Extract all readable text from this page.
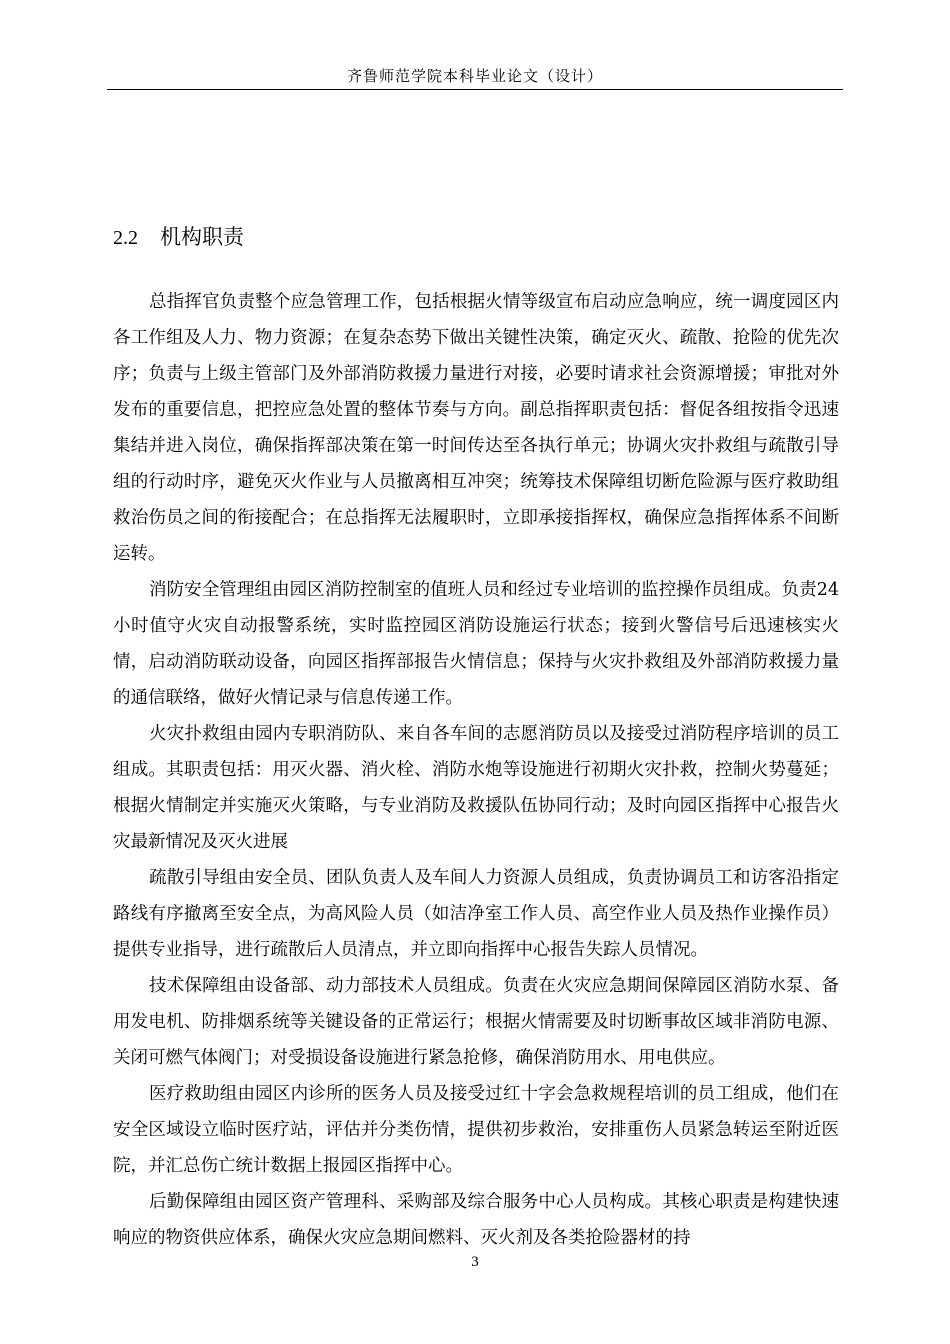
齐鲁师范学院本科毕业论文（设计）
2.2 机构职责

总指挥官负责整个应急管理工作，包括根据火情等级宣布启动应急响应，统一调度园区内各工作组及人力、物力资源；在复杂态势下做出关键性决策，确定灭火、疏散、抢险的优先次序；负责与上级主管部门及外部消防救援力量进行对接，必要时请求社会资源增援；审批对外发布的重要信息，把控应急处置的整体节奏与方向。副总指挥职责包括：督促各组按指令迅速集结并进入岗位，确保指挥部决策在第一时间传达至各执行单元；协调火灾扑救组与疏散引导组的行动时序，避免灭火作业与人员撤离相互冲突；统筹技术保障组切断危险源与医疗救助组救治伤员之间的衔接配合；在总指挥无法履职时，立即承接指挥权，确保应急指挥体系不间断运转。

消防安全管理组由园区消防控制室的值班人员和经过专业培训的监控操作员组成。负责24小时值守火灾自动报警系统，实时监控园区消防设施运行状态；接到火警信号后迅速核实火情，启动消防联动设备，向园区指挥部报告火情信息；保持与火灾扑救组及外部消防救援力量的通信联络，做好火情记录与信息传递工作。

火灾扑救组由园内专职消防队、来自各车间的志愿消防员以及接受过消防程序培训的员工组成。其职责包括：用灭火器、消火栓、消防水炮等设施进行初期火灾扑救，控制火势蔓延；根据火情制定并实施灭火策略，与专业消防及救援队伍协同行动；及时向园区指挥中心报告火灾最新情况及灭火进展

疏散引导组由安全员、团队负责人及车间人力资源人员组成，负责协调员工和访客沿指定路线有序撤离至安全点，为高风险人员（如洁净室工作人员、高空作业人员及热作业操作员）提供专业指导，进行疏散后人员清点，并立即向指挥中心报告失踪人员情况。

技术保障组由设备部、动力部技术人员组成。负责在火灾应急期间保障园区消防水泵、备用发电机、防排烟系统等关键设备的正常运行；根据火情需要及时切断事故区域非消防电源、关闭可燃气体阀门；对受损设备设施进行紧急抢修，确保消防用水、用电供应。

医疗救助组由园区内诊所的医务人员及接受过红十字会急救规程培训的员工组成，他们在安全区域设立临时医疗站，评估并分类伤情，提供初步救治，安排重伤人员紧急转运至附近医院，并汇总伤亡统计数据上报园区指挥中心。

后勤保障组由园区资产管理科、采购部及综合服务中心人员构成。其核心职责是构建快速响应的物资供应体系，确保火灾应急期间燃料、灭火剂及各类抢险器材的持

3
